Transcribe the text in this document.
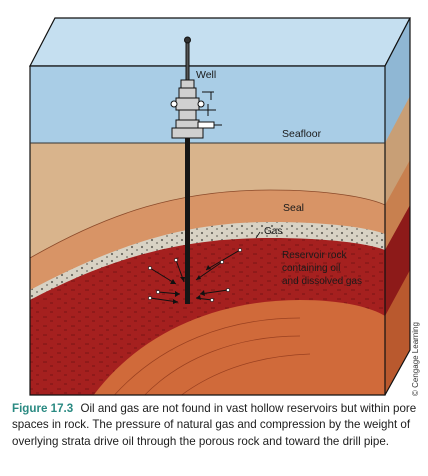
Well
Seafloor
Seal
Gas
Reservoir rock
containing oil
and dissolved gas
© Cengage Learning
Figure 17.3 Oil and gas are not found in vast hollow reservoirs but within pore spaces in rock. The pressure of natural gas and compression by the weight of overlying strata drive oil through the porous rock and toward the drill pipe.
